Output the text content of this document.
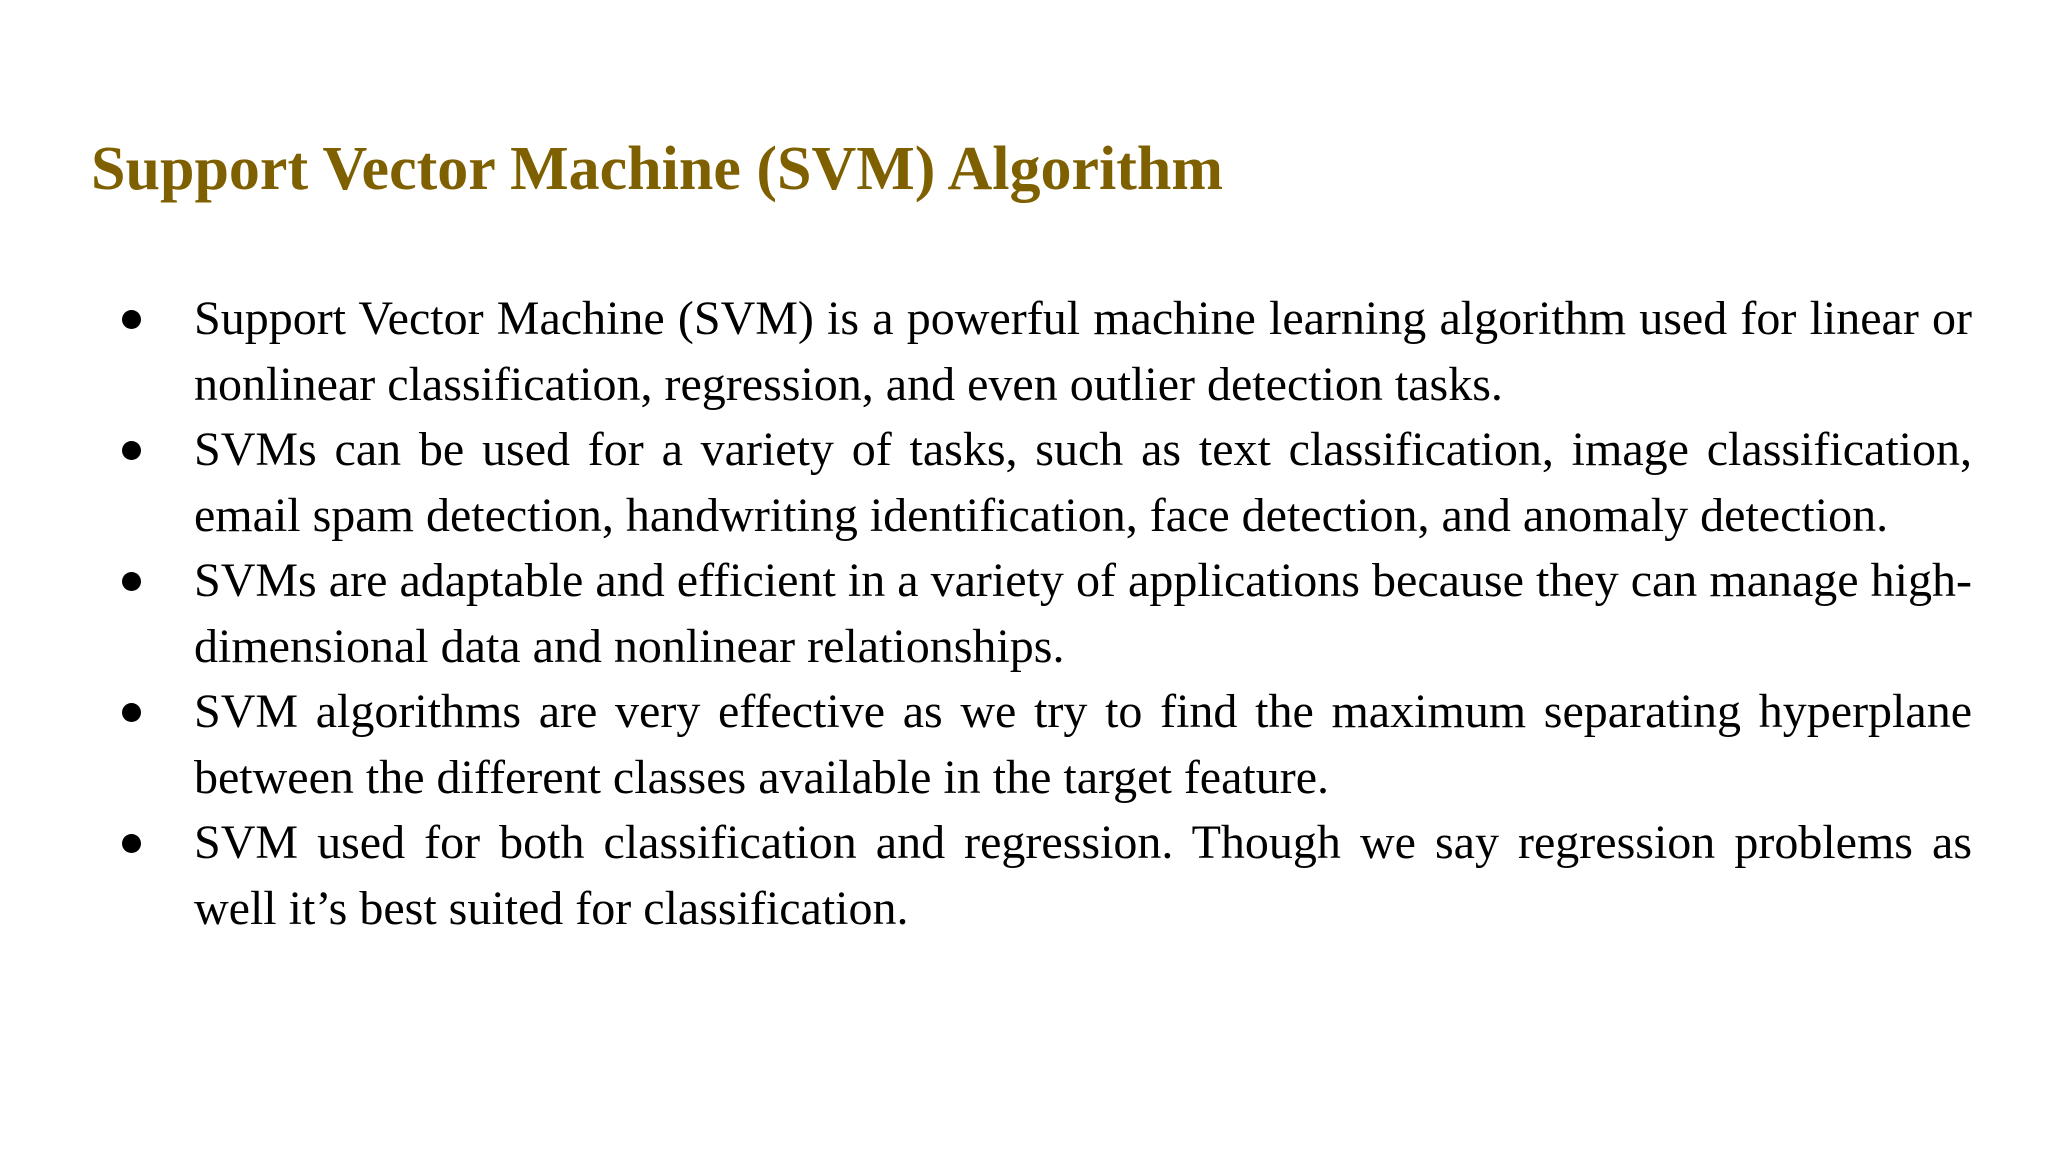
Support Vector Machine (SVM) Algorithm
Support Vector Machine (SVM) is a powerful machine learning algorithm used for linear or nonlinear classification, regression, and even outlier detection tasks.
SVMs can be used for a variety of tasks, such as text classification, image classification, email spam detection, handwriting identification, face detection, and anomaly detection.
SVMs are adaptable and efficient in a variety of applications because they can manage high-dimensional data and nonlinear relationships.
SVM algorithms are very effective as we try to find the maximum separating hyperplane between the different classes available in the target feature.
SVM used for both classification and regression. Though we say regression problems as well it’s best suited for classification.
